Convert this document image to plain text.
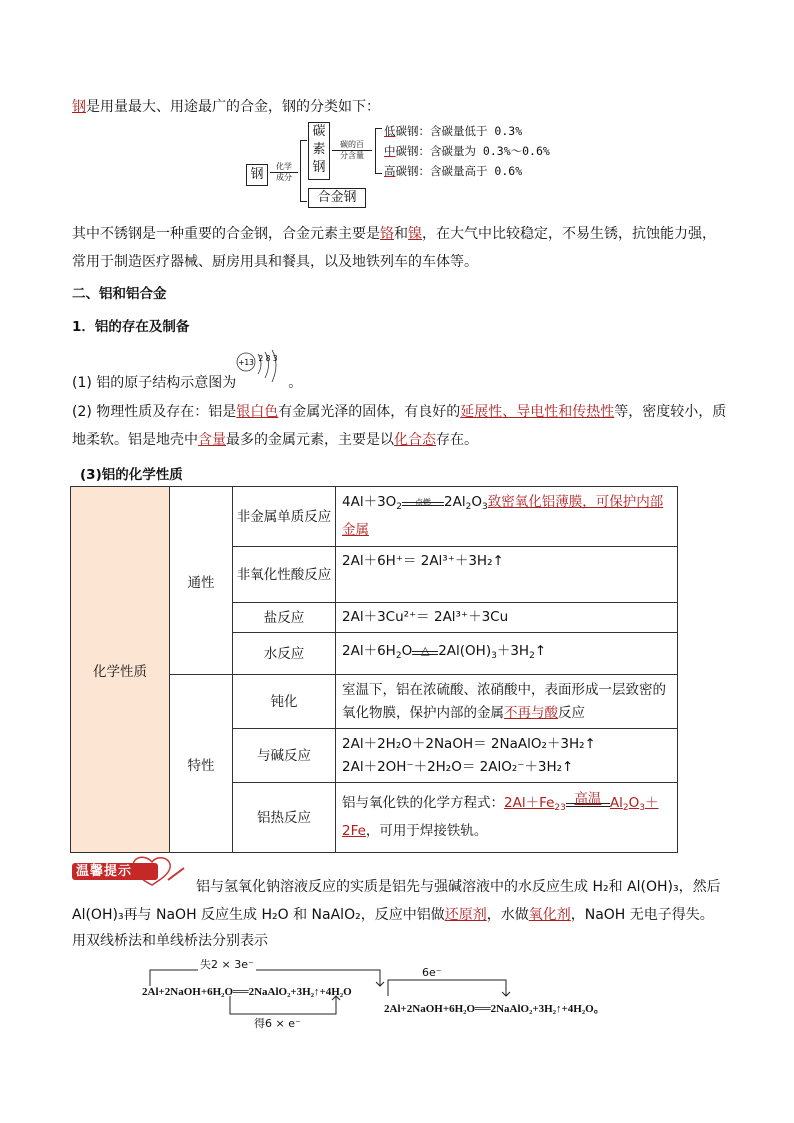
钢是用量最大、用途最广的合金，钢的分类如下：
钢
化学
成分
碳
素
钢
碳的百
分含量
低碳钢：含碳量低于 0.3%
中碳钢：含碳量为 0.3%～0.6%
高碳钢：含碳量高于 0.6%
合金钢
其中不锈钢是一种重要的合金钢，合金元素主要是铬和镍，在大气中比较稳定，不易生锈，抗蚀能力强，
常用于制造医疗器械、厨房用具和餐具，以及地铁列车的车体等。
二、铝和铝合金
1．铝的存在及制备
(1) 铝的原子结构示意图为	。
+13 2 8 3
(2) 物理性质及存在：铝是银白色有金属光泽的固体，有良好的延展性、导电性和传热性等，密度较小，质
地柔软。铝是地壳中含量最多的金属元素，主要是以化合态存在。
(3)铝的化学性质
化学性质	通性	非金属单质反应	$4Al+3O_2$ 点燃 $2Al_2O_3$致密氧化铝薄膜，可保护内部金属
		非氧化性酸反应	2Al＋6H⁺＝ 2Al³⁺＋3H₂↑
		盐反应	2Al＋3Cu²⁺＝ 2Al³⁺＋3Cu
		水反应	$2Al+6H_2O$ △ $2Al(OH)_3+3H_2↑$
	特性	钝化	室温下，铝在浓硫酸、浓硝酸中，表面形成一层致密的
氧化物膜，保护内部的金属不再与酸反应

		与碱反应	2Al＋2H₂O＋2NaOH＝ 2NaAlO₂＋3H₂↑
2Al＋2OH⁻＋2H₂O＝ 2AlO₂⁻＋3H₂↑

		铝热反应	铝与氧化铁的化学方程式：$2Al+Fe_{23}$
高温 $Al_2O_3+$
2Fe，可用于焊接铁轨。
温馨提示
铝与氢氧化钠溶液反应的实质是铝先与强碱溶液中的水反应生成 H₂和 Al(OH)₃，然后
Al(OH)₃再与 NaOH 反应生成 H₂O 和 NaAlO₂，反应中铝做还原剂，水做氧化剂，NaOH 无电子得失。
用双线桥法和单线桥法分别表示
失2 × 3e⁻
2Al+2NaOH+6H₂O══2NaAlO₂+3H₂↑+4H₂O
得6 × e⁻
6e⁻
2Al+2NaOH+6H₂O══2NaAlO₂+3H₂↑+4H₂O。
